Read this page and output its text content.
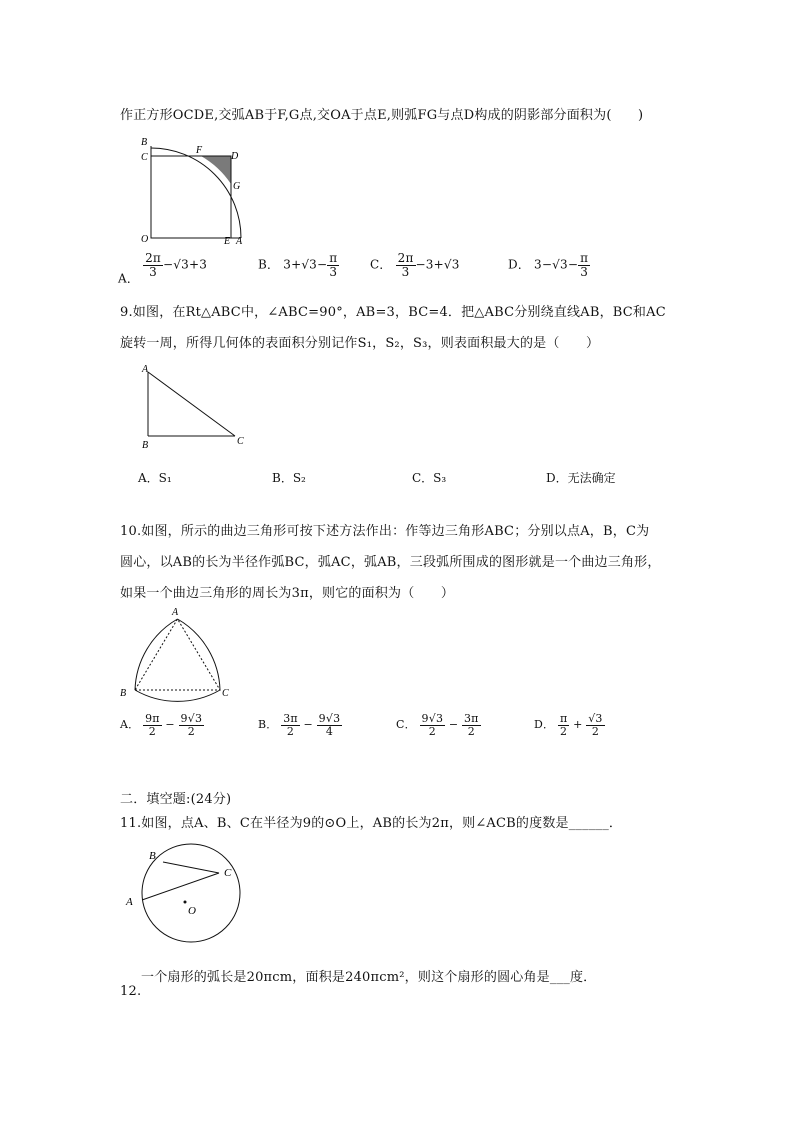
作正方形OCDE,交弧AB于F,G点,交OA于点E,则弧FG与点D构成的阴影部分面积为(　　)
B
C
F
D
G
O	E A
A．
$\frac{2\pi}{3} -√3+3$	B． $3+√3- \frac{\pi}{3}$	C． $\frac{2\pi}{3} -3+√3$	D． $3-√3- \frac{\pi}{3}$
9.如图，在Rt△ABC中，∠ABC=90°，AB=3，BC=4．把△ABC分别绕直线AB，BC和AC
旋转一周，所得几何体的表面积分别记作S₁，S₂，S₃，则表面积最大的是（　　）
A
B	C
A．S₁	B．S₂	C．S₃	D．无法确定
10.如图，所示的曲边三角形可按下述方法作出：作等边三角形ABC；分别以点A，B，C为
圆心，以AB的长为半径作弧BC，弧AC，弧AB，三段弧所围成的图形就是一个曲边三角形，
如果一个曲边三角形的周长为3π，则它的面积为（　　）
A
B	C
A． $\frac{9\pi}{2} - \frac{9√3}{2}$	B． $\frac{3\pi}{2} - \frac{9√3}{4}$	C． $\frac{9√3}{2} - \frac{3\pi}{2}$	D． $\frac{\pi}{2} + \frac{√3}{2}$
二．填空题:(24分)
11.如图，点A、B、C在半径为9的⊙O上，AB的长为2π，则∠ACB的度数是______．
B
C
A
O
一个扇形的弧长是20πcm，面积是240πcm²，则这个扇形的圆心角是___度．
12.
